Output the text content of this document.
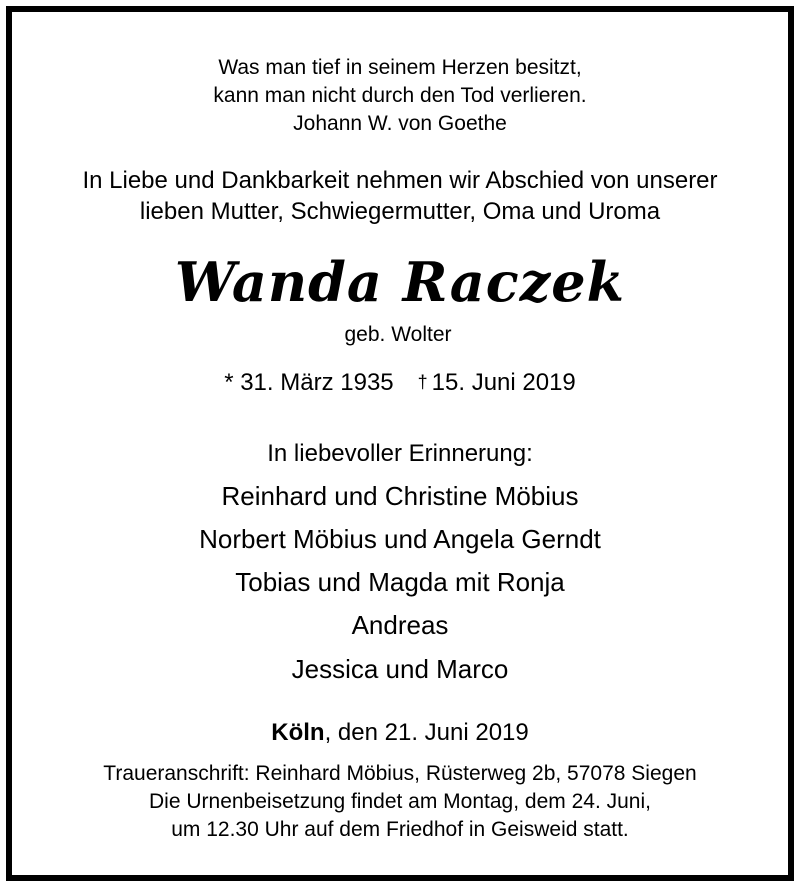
Was man tief in seinem Herzen besitzt,
kann man nicht durch den Tod verlieren.
Johann W. von Goethe
In Liebe und Dankbarkeit nehmen wir Abschied von unserer
lieben Mutter, Schwiegermutter, Oma und Uroma
Wanda Raczek
geb. Wolter
* 31. März 1935 † 15. Juni 2019
In liebevoller Erinnerung:
Reinhard und Christine Möbius
Norbert Möbius und Angela Gerndt
Tobias und Magda mit Ronja
Andreas
Jessica und Marco
Köln, den 21. Juni 2019
Traueranschrift: Reinhard Möbius, Rüsterweg 2b, 57078 Siegen
Die Urnenbeisetzung findet am Montag, dem 24. Juni,
um 12.30 Uhr auf dem Friedhof in Geisweid statt.
